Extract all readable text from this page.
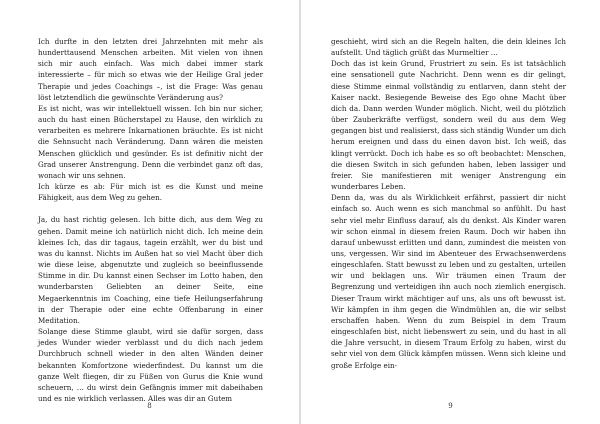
Ich durfte in den letzten drei Jahrzehnten mit mehr als hunderttausend Menschen arbeiten. Mit vielen von ihnen sich mir auch einfach. Was mich dabei immer stark interessierte – für mich so etwas wie der Heilige Gral jeder Therapie und jedes Coachings –, ist die Frage: Was genau löst letztendlich die gewünschte Veränderung aus?

Es ist nicht, was wir intellektuell wissen. Ich bin nur sicher, auch du hast einen Bücherstapel zu Hause, den wirklich zu verarbeiten es mehrere Inkarnationen bräuchte. Es ist nicht die Sehnsucht nach Veränderung. Dann wären die meisten Menschen glücklich und gesünder. Es ist definitiv nicht der Grad unserer Anstrengung. Denn die verbindet ganz oft das, wonach wir uns sehnen.

Ich kürze es ab: Für mich ist es die Kunst und meine Fähigkeit, aus dem Weg zu gehen.

Ja, du hast richtig gelesen. Ich bitte dich, aus dem Weg zu gehen. Damit meine ich natürlich nicht dich. Ich meine dein kleines Ich, das dir tagaus, tagein erzählt, wer du bist und was du kannst. Nichts im Außen hat so viel Macht über dich wie diese leise, abgenutzte und zugleich so beeinflussende Stimme in dir. Du kannst einen Sechser im Lotto haben, den wunderbarsten Geliebten an deiner Seite, eine Megaerkenntnis im Coaching, eine tiefe Heilungserfahrung in der Therapie oder eine echte Offenbarung in einer Meditation.

Solange diese Stimme glaubt, wird sie dafür sorgen, dass jedes Wunder wieder verblasst und du dich nach jedem Durchbruch schnell wieder in den alten Wänden deiner bekannten Komfortzone wiederfindest. Du kannst um die ganze Welt fliegen, dir zu Füßen von Gurus die Knie wund scheuern, … du wirst dein Gefängnis immer mit dabeihaben und es nie wirklich verlassen. Alles was dir an Gutem

8

geschieht, wird sich an die Regeln halten, die dein kleines Ich aufstellt. Und täglich grüßt das Murmeltier …

Doch das ist kein Grund, Frustriert zu sein. Es ist tatsächlich eine sensationell gute Nachricht. Denn wenn es dir gelingt, diese Stimme einmal vollständig zu entlarven, dann steht der Kaiser nackt. Besiegende Beweise des Ego ohne Macht über dich da. Dann werden Wunder möglich. Nicht, weil du plötzlich über Zauberkräfte verfügst, sondern weil du aus dem Weg gegangen bist und realisierst, dass sich ständig Wunder um dich herum ereignen und dass du einen davon bist. Ich weiß, das klingt verrückt. Doch ich habe es so oft beobachtet: Menschen, die diesen Switch in sich gefunden haben, leben lassiger und freier. Sie manifestieren mit weniger Anstrengung ein wunderbares Leben.

Denn da, was du als Wirklichkeit erfährst, passiert dir nicht einfach so. Auch wenn es sich manchmal so anfühlt. Du hast sehr viel mehr Einfluss darauf, als du denkst. Als Kinder waren wir schon einmal in diesem freien Raum. Doch wir haben ihn darauf unbewusst erlitten und dann, zumindest die meisten von uns, vergessen. Wir sind im Abenteuer des Erwachsenwerdens eingeschlafen. Statt bewusst zu leben und zu gestalten, urteilen wir und beklagen uns. Wir träumen einen Traum der Begrenzung und verteidigen ihn auch noch ziemlich energisch. Dieser Traum wirkt mächtiger auf uns, als uns oft bewusst ist. Wir kämpfen in ihm gegen die Windmühlen an, die wir selbst erschaffen haben. Wenn du zum Beispiel in dem Traum eingeschlafen bist, nicht liebenswert zu sein, und du hast in all die Jahre versucht, in diesem Traum Erfolg zu haben, wirst du sehr viel von dem Glück kämpfen müssen. Wenn sich kleine und große Erfolge ein-

9
